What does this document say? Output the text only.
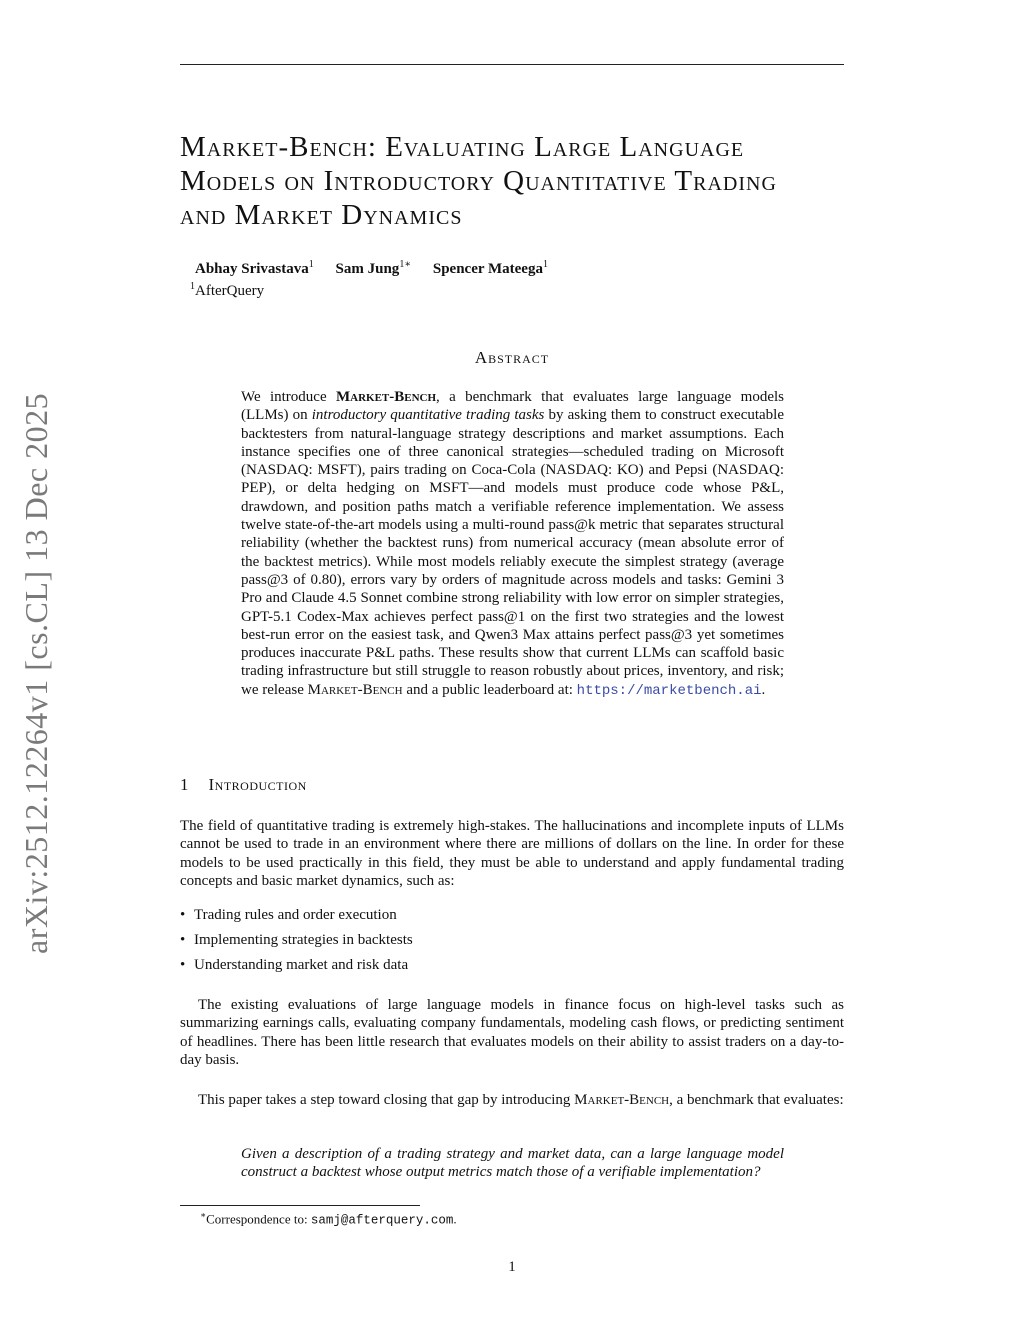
arXiv:2512.12264v1 [cs.CL] 13 Dec 2025
Market-Bench: Evaluating Large Language
Models on Introductory Quantitative Trading
and Market Dynamics
Abhay Srivastava$^1$ Sam Jung$^{1∗}$ Spencer Mateega$^1$
$^1$AfterQuery
Abstract
We introduce Market-Bench, a benchmark that evaluates large language models (LLMs) on introductory quantitative trading tasks by asking them to construct executable backtesters from natural-language strategy descriptions and market assumptions. Each instance specifies one of three canonical strategies—scheduled trading on Microsoft (NASDAQ: MSFT), pairs trading on Coca-Cola (NASDAQ: KO) and Pepsi (NASDAQ: PEP), or delta hedging on MSFT—and models must produce code whose P&L, drawdown, and position paths match a verifiable reference implementation. We assess twelve state-of-the-art models using a multi-round pass@k metric that separates structural reliability (whether the backtest runs) from numerical accuracy (mean absolute error of the backtest metrics). While most models reliably execute the simplest strategy (average pass@3 of 0.80), errors vary by orders of magnitude across models and tasks: Gemini 3 Pro and Claude 4.5 Sonnet combine strong reliability with low error on simpler strategies, GPT-5.1 Codex-Max achieves perfect pass@1 on the first two strategies and the lowest best-run error on the easiest task, and Qwen3 Max attains perfect pass@3 yet sometimes produces inaccurate P&L paths. These results show that current LLMs can scaffold basic trading infrastructure but still struggle to reason robustly about prices, inventory, and risk; we release Market-Bench and a public leaderboard at: https://marketbench.ai.
1 Introduction
The field of quantitative trading is extremely high-stakes. The hallucinations and incomplete inputs of LLMs cannot be used to trade in an environment where there are millions of dollars on the line. In order for these models to be used practically in this field, they must be able to understand and apply fundamental trading concepts and basic market dynamics, such as:
• Trading rules and order execution
• Implementing strategies in backtests
• Understanding market and risk data
The existing evaluations of large language models in finance focus on high-level tasks such as summarizing earnings calls, evaluating company fundamentals, modeling cash flows, or predicting sentiment of headlines. There has been little research that evaluates models on their ability to assist traders on a day-to-day basis.
This paper takes a step toward closing that gap by introducing Market-Bench, a benchmark that evaluates:
Given a description of a trading strategy and market data, can a large language model construct a backtest whose output metrics match those of a verifiable implementation?
∗Correspondence to: samj@afterquery.com.
1
